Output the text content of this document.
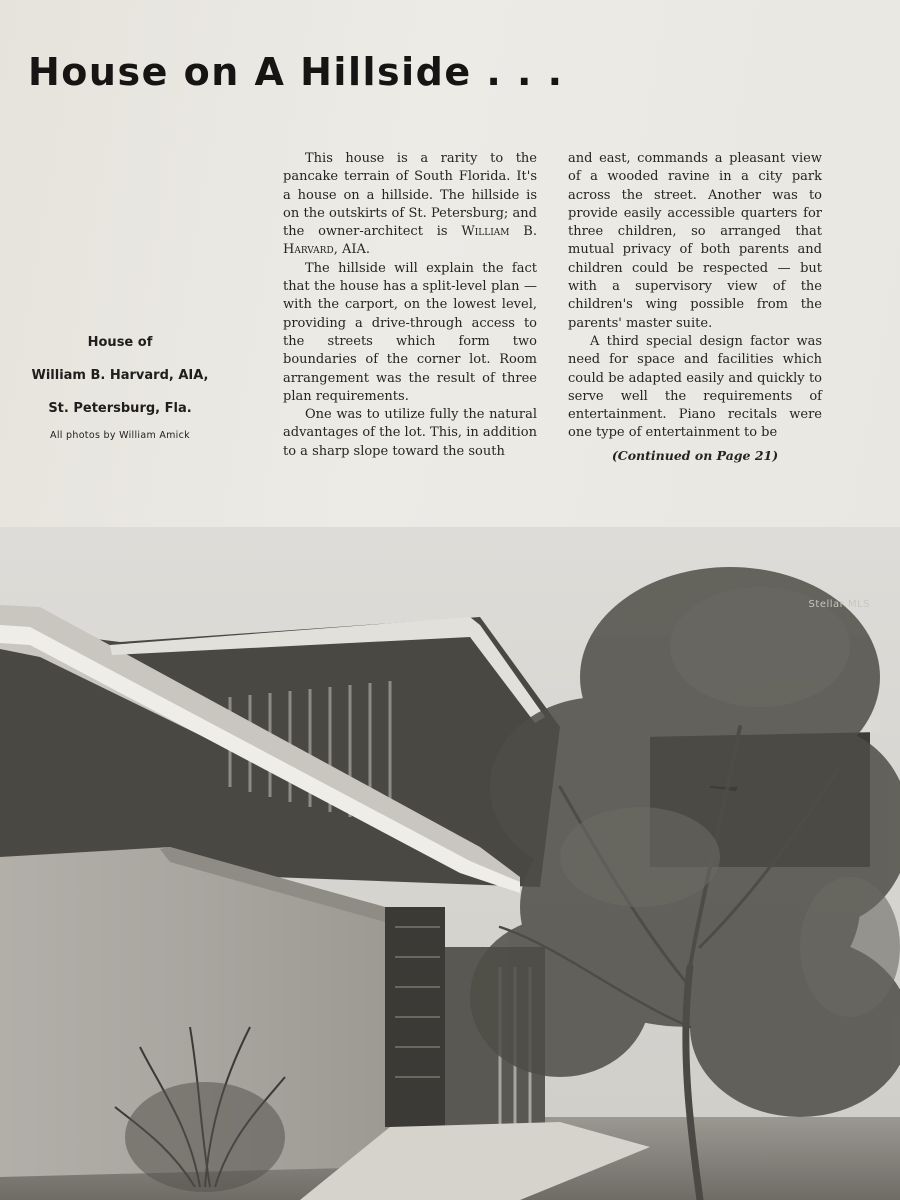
House on A Hillside . . .

House of

William B. Harvard, AIA,

St. Petersburg, Fla.

All photos by William Amick

This house is a rarity to the pancake terrain of South Florida. It's a house on a hillside. The hillside is on the outskirts of St. Petersburg; and the owner-architect is William B. Harvard, AIA.

The hillside will explain the fact that the house has a split-level plan — with the carport, on the lowest level, providing a drive-through access to the streets which form two boundaries of the corner lot. Room arrangement was the result of three plan requirements.

One was to utilize fully the natural advantages of the lot. This, in addition to a sharp slope toward the south

and east, commands a pleasant view of a wooded ravine in a city park across the street. Another was to provide easily accessible quarters for three children, so arranged that mutual privacy of both parents and children could be respected — but with a supervisory view of the children's wing possible from the parents' master suite.

A third special design factor was need for space and facilities which could be adapted easily and quickly to serve well the requirements of entertainment. Piano recitals were one type of entertainment to be

(Continued on Page 21)

Stellar MLS
